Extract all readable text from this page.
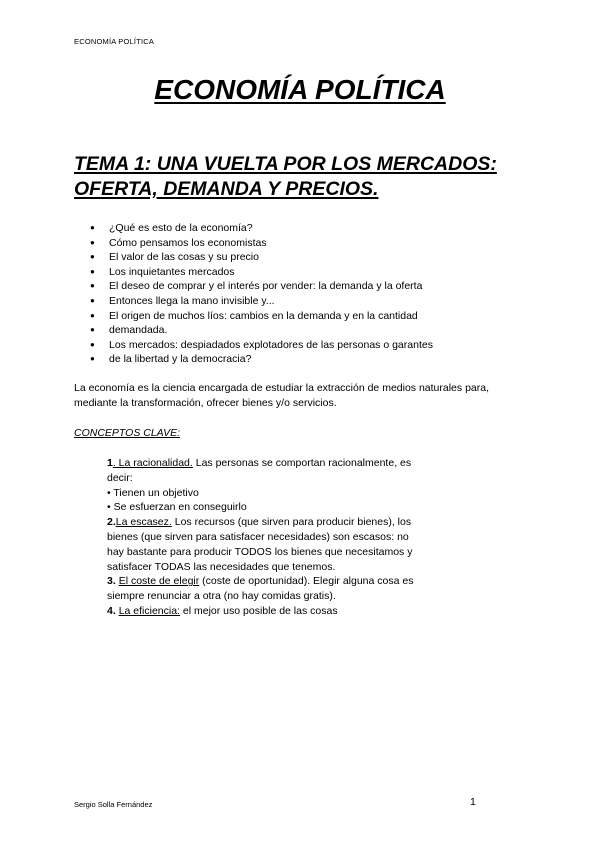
ECONOMÍA POLÍTICA
ECONOMÍA POLÍTICA
TEMA 1: UNA VUELTA POR LOS MERCADOS:
OFERTA, DEMANDA Y PRECIOS.
● ¿Qué es esto de la economía?
● Cómo pensamos los economistas
● El valor de las cosas y su precio
● Los inquietantes mercados
● El deseo de comprar y el interés por vender: la demanda y la oferta
● Entonces llega la mano invisible y...
● El origen de muchos líos: cambios en la demanda y en la cantidad
● demandada.
● Los mercados: despiadados explotadores de las personas o garantes
● de la libertad y la democracia?
La economía es la ciencia encargada de estudiar la extracción de medios naturales para,
mediante la transformación, ofrecer bienes y/o servicios.
CONCEPTOS CLAVE:
1. La racionalidad. Las personas se comportan racionalmente, es
decir:
• Tienen un objetivo
• Se esfuerzan en conseguirlo
2.La escasez. Los recursos (que sirven para producir bienes), los
bienes (que sirven para satisfacer necesidades) son escasos: no
hay bastante para producir TODOS los bienes que necesitamos y
satisfacer TODAS las necesidades que tenemos.
3. El coste de elegir (coste de oportunidad). Elegir alguna cosa es
siempre renunciar a otra (no hay comidas gratis).
4. La eficiencia: el mejor uso posible de las cosas
Sergio Solla Fernández	1
